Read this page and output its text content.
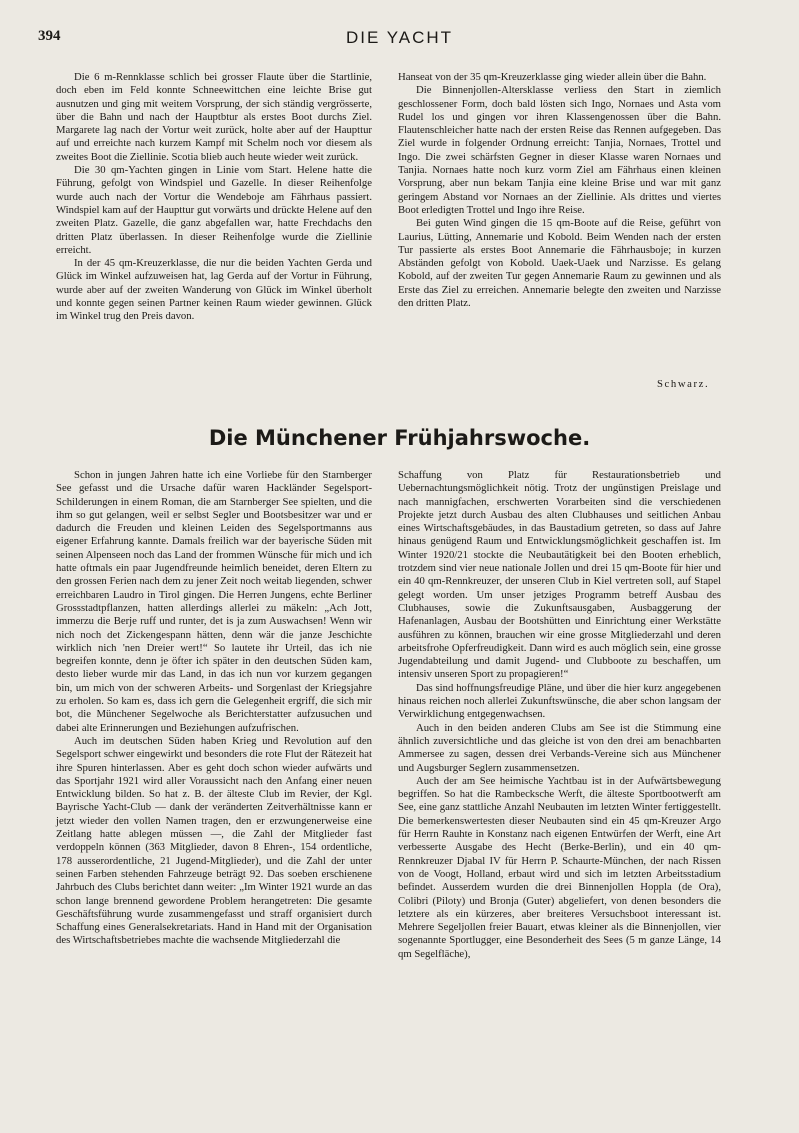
394	DIE YACHT

Die 6 m-Rennklasse schlich bei grosser Flaute über die Startlinie, doch eben im Feld konnte Schneewittchen eine leichte Brise gut ausnutzen und ging mit weitem Vorsprung, der sich ständig vergrösserte, über die Bahn und nach der Hauptbtur als erstes Boot durchs Ziel. Margarete lag nach der Vortur weit zurück, holte aber auf der Haupttur auf und erreichte nach kurzem Kampf mit Schelm noch vor diesem als zweites Boot die Ziellinie. Scotia blieb auch heute wieder weit zurück.

Die 30 qm-Yachten gingen in Linie vom Start. Helene hatte die Führung, gefolgt von Windspiel und Gazelle. In dieser Reihenfolge wurde auch nach der Vortur die Wendeboje am Fährhaus passiert. Windspiel kam auf der Haupttur gut vorwärts und drückte Helene auf den zweiten Platz. Gazelle, die ganz abgefallen war, hatte Frechdachs den dritten Platz überlassen. In dieser Reihenfolge wurde die Ziellinie erreicht.

In der 45 qm-Kreuzerklasse, die nur die beiden Yachten Gerda und Glück im Winkel aufzuweisen hat, lag Gerda auf der Vortur in Führung, wurde aber auf der zweiten Wanderung von Glück im Winkel überholt und konnte gegen seinen Partner keinen Raum wieder gewinnen. Glück im Winkel trug den Preis davon.

Hanseat von der 35 qm-Kreuzerklasse ging wieder allein über die Bahn.

Die Binnenjollen-Altersklasse verliess den Start in ziemlich geschlossener Form, doch bald lösten sich Ingo, Nornaes und Asta vom Rudel los und gingen vor ihren Klassengenossen über die Bahn. Flautenschleicher hatte nach der ersten Reise das Rennen aufgegeben. Das Ziel wurde in folgender Ordnung erreicht: Tanjia, Nornaes, Trottel und Ingo. Die zwei schärfsten Gegner in dieser Klasse waren Nornaes und Tanjia. Nornaes hatte noch kurz vorm Ziel am Fährhaus einen kleinen Vorsprung, aber nun bekam Tanjia eine kleine Brise und war mit ganz geringem Abstand vor Nornaes an der Ziellinie. Als drittes und viertes Boot erledigten Trottel und Ingo ihre Reise.

Bei guten Wind gingen die 15 qm-Boote auf die Reise, geführt von Laurius, Lütting, Annemarie und Kobold. Beim Wenden nach der ersten Tur passierte als erstes Boot Annemarie die Fährhausboje; in kurzen Abständen gefolgt von Kobold. Uaek-Uaek und Narzisse. Es gelang Kobold, auf der zweiten Tur gegen Annemarie Raum zu gewinnen und als Erste das Ziel zu erreichen. Annemarie belegte den zweiten und Narzisse den dritten Platz.

Schwarz.
Die Münchener Frühjahrswoche.

Schon in jungen Jahren hatte ich eine Vorliebe für den Starnberger See gefasst und die Ursache dafür waren Hackländer Segelsport-Schilderungen in einem Roman, die am Starnberger See spielten, und die ihm so gut gelangen, weil er selbst Segler und Bootsbesitzer war und er dadurch die Freuden und kleinen Leiden des Segelsportmanns aus eigener Erfahrung kannte. Damals freilich war der bayerische Süden mit seinen Alpenseen noch das Land der frommen Wünsche für mich und ich hatte oftmals ein paar Jugendfreunde heimlich beneidet, deren Eltern zu den grossen Ferien nach dem zu jener Zeit noch weitab liegenden, schwer erreichbaren Laudro in Tirol gingen. Die Herren Jungens, echte Berliner Grossstadtpflanzen, hatten allerdings allerlei zu mäkeln: „Ach Jott, immerzu die Berje ruff und runter, det is ja zum Auswachsen! Wenn wir nich noch det Zickengespann hätten, denn wär die janze Jeschichte wirklich nich 'nen Dreier wert!“ So lautete ihr Urteil, das ich nie begreifen konnte, denn je öfter ich später in den deutschen Süden kam, desto lieber wurde mir das Land, in das ich nun vor kurzem gegangen bin, um mich von der schweren Arbeits- und Sorgenlast der Kriegsjahre zu erholen. So kam es, dass ich gern die Gelegenheit ergriff, die sich mir bot, die Münchener Segelwoche als Berichterstatter aufzusuchen und dabei alte Erinnerungen und Beziehungen aufzufrischen.

Auch im deutschen Süden haben Krieg und Revolution auf den Segelsport schwer eingewirkt und besonders die rote Flut der Rätezeit hat ihre Spuren hinterlassen. Aber es geht doch schon wieder aufwärts und das Sportjahr 1921 wird aller Voraussicht nach den Anfang einer neuen Entwicklung bilden. So hat z. B. der älteste Club im Revier, der Kgl. Bayrische Yacht-Club — dank der veränderten Zeitverhältnisse kann er jetzt wieder den vollen Namen tragen, den er erzwungenerweise eine Zeitlang hatte ablegen müssen —, die Zahl der Mitglieder fast verdoppeln können (363 Mitglieder, davon 8 Ehren-, 154 ordentliche, 178 ausserordentliche, 21 Jugend-Mitglieder), und die Zahl der unter seinen Farben stehenden Fahrzeuge beträgt 92. Das soeben erschienene Jahrbuch des Clubs berichtet dann weiter: „Im Winter 1921 wurde an das schon lange brennend gewordene Problem herangetreten: Die gesamte Geschäftsführung wurde zusammengefasst und straff organisiert durch Schaffung eines Generalsekretariats. Hand in Hand mit der Organisation des Wirtschaftsbetriebes machte die wachsende Mitgliederzahl die

Schaffung von Platz für Restaurationsbetrieb und Uebernachtungsmöglichkeit nötig. Trotz der ungünstigen Preislage und nach mannigfachen, erschwerten Vorarbeiten sind die verschiedenen Projekte jetzt durch Ausbau des alten Clubhauses und seitlichen Anbau eines Wirtschaftsgebäudes, in das Baustadium getreten, so dass auf Jahre hinaus genügend Raum und Entwicklungsmöglichkeit geschaffen ist. Im Winter 1920/21 stockte die Neubautätigkeit bei den Booten erheblich, trotzdem sind vier neue nationale Jollen und drei 15 qm-Boote für hier und ein 40 qm-Rennkreuzer, der unseren Club in Kiel vertreten soll, auf Stapel gelegt worden. Um unser jetziges Programm betreff Ausbau des Clubhauses, sowie die Zukunftsausgaben, Ausbaggerung der Hafenanlagen, Ausbau der Bootshütten und Einrichtung einer Werkstätte ausführen zu können, brauchen wir eine grosse Mitgliederzahl und deren arbeitsfrohe Opferfreudigkeit. Dann wird es auch möglich sein, eine grosse Jugendabteilung und damit Jugend- und Clubboote zu beschaffen, um intensiv unseren Sport zu propagieren!“

Das sind hoffnungsfreudige Pläne, und über die hier kurz angegebenen hinaus reichen noch allerlei Zukunftswünsche, die aber schon langsam der Verwirklichung entgegenwachsen.

Auch in den beiden anderen Clubs am See ist die Stimmung eine ähnlich zuversichtliche und das gleiche ist von den drei am benachbarten Ammersee zu sagen, dessen drei Verbands-Vereine sich aus Münchener und Augsburger Seglern zusammensetzen.

Auch der am See heimische Yachtbau ist in der Aufwärtsbewegung begriffen. So hat die Rambecksche Werft, die älteste Sportbootwerft am See, eine ganz stattliche Anzahl Neubauten im letzten Winter fertiggestellt. Die bemerkenswertesten dieser Neubauten sind ein 45 qm-Kreuzer Argo für Herrn Rauhte in Konstanz nach eigenen Entwürfen der Werft, eine Art verbesserte Ausgabe des Hecht (Berke-Berlin), und ein 40 qm-Rennkreuzer Djabal IV für Herrn P. Schaurte-München, der nach Rissen von de Voogt, Holland, erbaut wird und sich im letzten Arbeitsstadium befindet. Ausserdem wurden die drei Binnenjollen Hoppla (de Ora), Colibri (Piloty) und Bronja (Guter) abgeliefert, von denen besonders die letztere als ein kürzeres, aber breiteres Versuchsboot interessant ist. Mehrere Segeljollen freier Bauart, etwas kleiner als die Binnenjollen, vier sogenannte Sportlugger, eine Besonderheit des Sees (5 m ganze Länge, 14 qm Segelfläche),
